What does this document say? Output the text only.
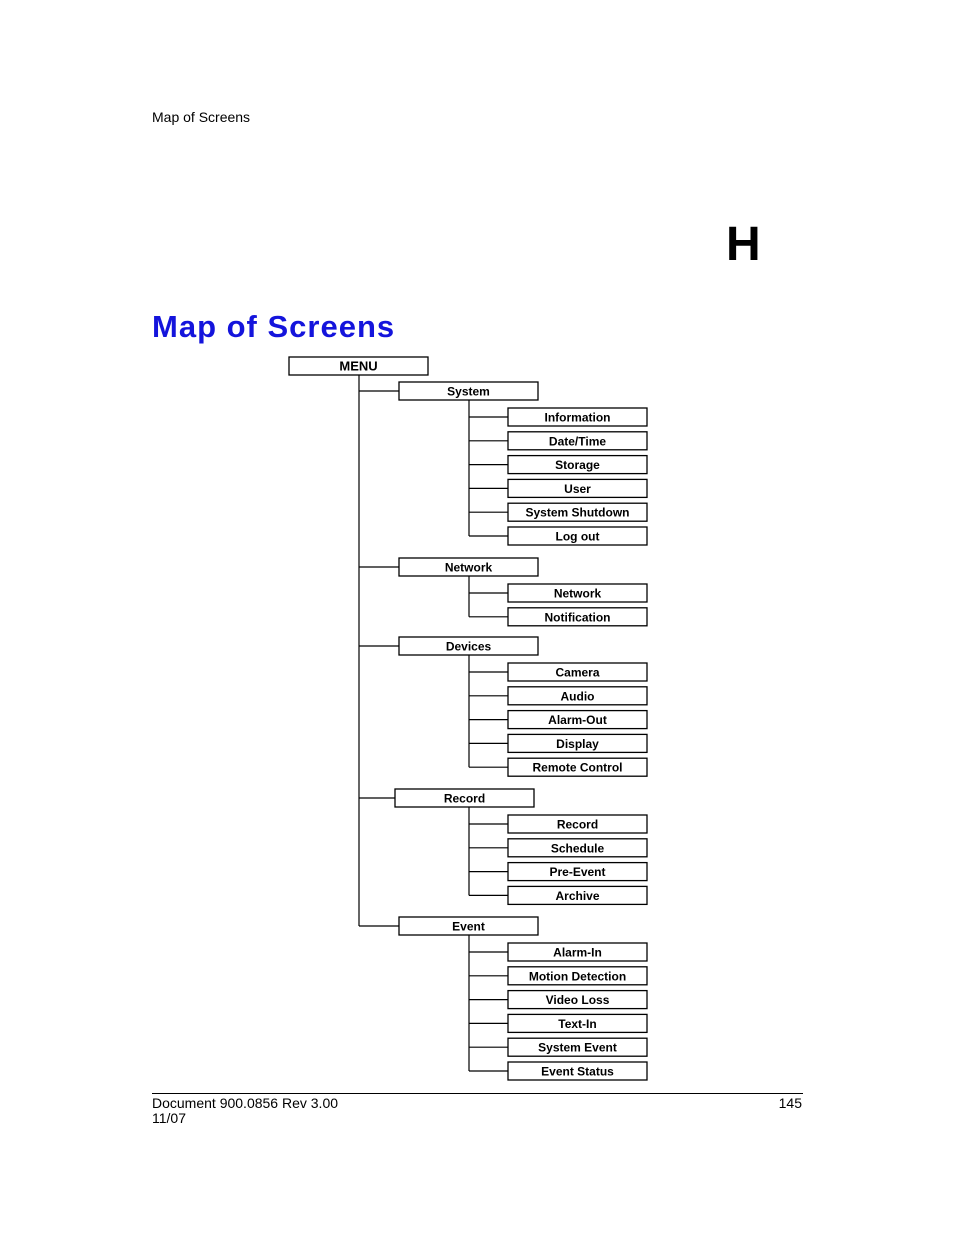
Map of Screens
H
Map of Screens
MENU
System
Information
Date/Time
Storage
User
System Shutdown
Log out
Network
Network
Notification
Devices
Camera
Audio
Alarm-Out
Display
Remote Control
Record
Record
Schedule
Pre-Event
Archive
Event
Alarm-In
Motion Detection
Video Loss
Text-In
System Event
Event Status
Document 900.0856 Rev 3.00
11/07
145
